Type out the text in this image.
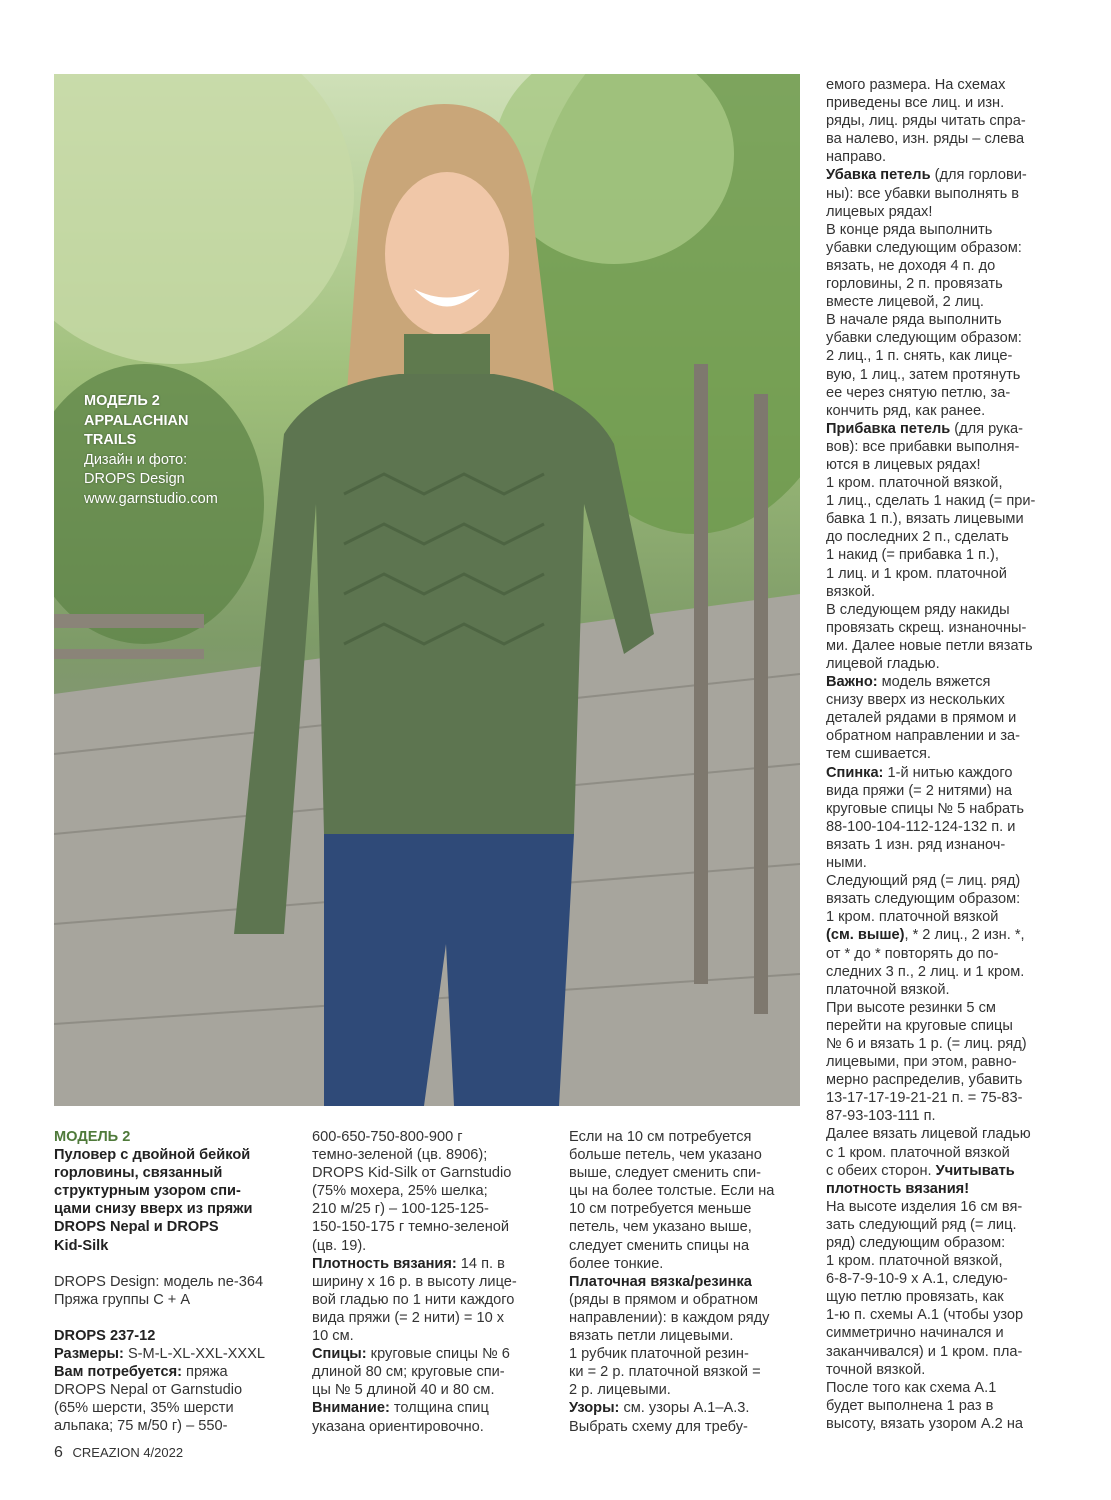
МОДЕЛЬ 2
APPALACHIAN
TRAILS
Дизайн и фото:
DROPS Design
www.garnstudio.com

МОДЕЛЬ 2

Пуловер с двойной бейкой

горловины, связанный

структурным узором спи-

цами снизу вверх из пряжи

DROPS Nepal и DROPS

Kid-Silk

DROPS Design: модель ne-364

Пряжа группы С + А

DROPS 237-12

Размеры: S-M-L-XL-XXL-XXXL

Вам потребуется: пряжа

DROPS Nepal от Garnstudio

(65% шерсти, 35% шерсти

альпака; 75 м/50 г) – 550-

600-650-750-800-900 г

темно-зеленой (цв. 8906);

DROPS Kid-Silk от Garnstudio

(75% мохера, 25% шелка;

210 м/25 г) – 100-125-125-

150-150-175 г темно-зеленой

(цв. 19).

Плотность вязания: 14 п. в

ширину х 16 р. в высоту лице-

вой гладью по 1 нити каждого

вида пряжи (= 2 нити) = 10 х

10 см.

Спицы: круговые спицы № 6

длиной 80 см; круговые спи-

цы № 5 длиной 40 и 80 см.

Внимание: толщина спиц

указана ориентировочно.

Если на 10 см потребуется

больше петель, чем указано

выше, следует сменить спи-

цы на более толстые. Если на

10 см потребуется меньше

петель, чем указано выше,

следует сменить спицы на

более тонкие.

Платочная вязка/резинка

(ряды в прямом и обратном

направлении): в каждом ряду

вязать петли лицевыми.

1 рубчик платочной резин-

ки = 2 р. платочной вязкой =

2 р. лицевыми.

Узоры: см. узоры А.1–А.3.

Выбрать схему для требу-

емого размера. На схемах

приведены все лиц. и изн.

ряды, лиц. ряды читать спра-

ва налево, изн. ряды – слева

направо.

Убавка петель (для горлови-

ны): все убавки выполнять в

лицевых рядах!

В конце ряда выполнить

убавки следующим образом:

вязать, не доходя 4 п. до

горловины, 2 п. провязать

вместе лицевой, 2 лиц.

В начале ряда выполнить

убавки следующим образом:

2 лиц., 1 п. снять, как лице-

вую, 1 лиц., затем протянуть

ее через снятую петлю, за-

кончить ряд, как ранее.

Прибавка петель (для рука-

вов): все прибавки выполня-

ются в лицевых рядах!

1 кром. платочной вязкой,

1 лиц., сделать 1 накид (= при-

бавка 1 п.), вязать лицевыми

до последних 2 п., сделать

1 накид (= прибавка 1 п.),

1 лиц. и 1 кром. платочной

вязкой.

В следующем ряду накиды

провязать скрещ. изнаночны-

ми. Далее новые петли вязать

лицевой гладью.

Важно: модель вяжется

снизу вверх из нескольких

деталей рядами в прямом и

обратном направлении и за-

тем сшивается.

Спинка: 1-й нитью каждого

вида пряжи (= 2 нитями) на

круговые спицы № 5 набрать

88-100-104-112-124-132 п. и

вязать 1 изн. ряд изнаноч-

ными.

Следующий ряд (= лиц. ряд)

вязать следующим образом:

1 кром. платочной вязкой

(см. выше), * 2 лиц., 2 изн. *,

от * до * повторять до по-

следних 3 п., 2 лиц. и 1 кром.

платочной вязкой.

При высоте резинки 5 см

перейти на круговые спицы

№ 6 и вязать 1 р. (= лиц. ряд)

лицевыми, при этом, равно-

мерно распределив, убавить

13-17-17-19-21-21 п. = 75-83-

87-93-103-111 п.

Далее вязать лицевой гладью

с 1 кром. платочной вязкой

с обеих сторон. Учитывать

плотность вязания!

На высоте изделия 16 см вя-

зать следующий ряд (= лиц.

ряд) следующим образом:

1 кром. платочной вязкой,

6-8-7-9-10-9 х А.1, следую-

щую петлю провязать, как

1-ю п. схемы А.1 (чтобы узор

симметрично начинался и

заканчивался) и 1 кром. пла-

точной вязкой.

После того как схема А.1

будет выполнена 1 раз в

высоту, вязать узором А.2 на

6 CREAZION 4/2022
